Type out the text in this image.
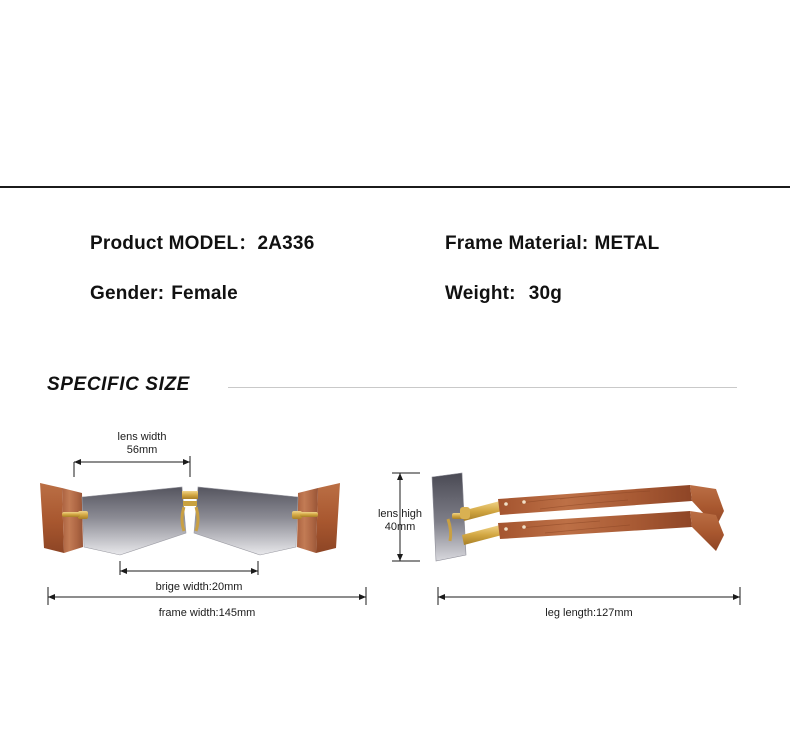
Product MODEL： 2A336	Frame Material: METAL
Gender: Female	Weight: 30g
SPECIFIC SIZE
lens width
56mm
brige width:20mm
frame width:145mm
lens high
40mm
leg length:127mm
